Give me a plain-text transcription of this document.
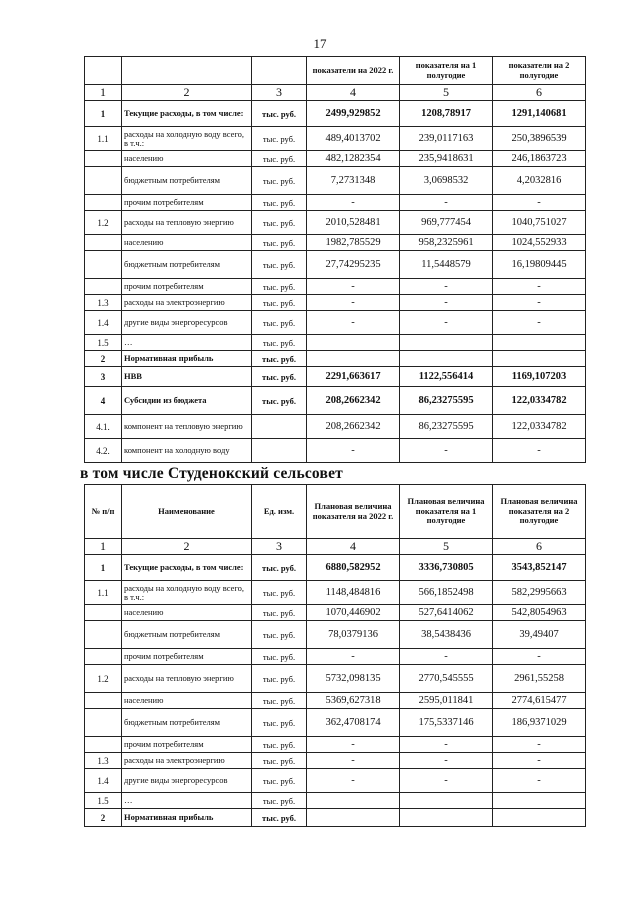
17
			показатели на 2022 г.	показателя на 1 полугодие	показатели на 2 полугодие
1	2	3	4	5	6
1	Текущие расходы, в том числе:	тыс. руб.	2499,929852	1208,78917	1291,140681
1.1	расходы на холодную воду всего, в т.ч.:	тыс. руб.	489,4013702	239,0117163	250,3896539
	населению	тыс. руб.	482,1282354	235,9418631	246,1863723
	бюджетным потребителям	тыс. руб.	7,2731348	3,0698532	4,2032816
	прочим потребителям	тыс. руб.	-	-	-
1.2	расходы на тепловую энергию	тыс. руб.	2010,528481	969,777454	1040,751027
	населению	тыс. руб.	1982,785529	958,2325961	1024,552933
	бюджетным потребителям	тыс. руб.	27,74295235	11,5448579	16,19809445
	прочим потребителям	тыс. руб.	-	-	-
1.3	расходы на электроэнергию	тыс. руб.	-	-	-
1.4	другие виды энергоресурсов	тыс. руб.	-	-	-
1.5	…	тыс. руб.			
2	Нормативная прибыль	тыс. руб.			
3	НВВ	тыс. руб.	2291,663617	1122,556414	1169,107203
4	Субсидии из бюджета	тыс. руб.	208,2662342	86,23275595	122,0334782
4.1.	компонент на тепловую энергию		208,2662342	86,23275595	122,0334782
4.2.	компонент на холодную воду		-	-	-
в том числе Студенокский сельсовет
№ п/п	Наименование	Ед. изм.	Плановая величина показателя на 2022 г.	Плановая величина показателя на 1 полугодие	Плановая величина показателя на 2 полугодие
1	2	3	4	5	6
1	Текущие расходы, в том числе:	тыс. руб.	6880,582952	3336,730805	3543,852147
1.1	расходы на холодную воду всего, в т.ч.:	тыс. руб.	1148,484816	566,1852498	582,2995663
	населению	тыс. руб.	1070,446902	527,6414062	542,8054963
	бюджетным потребителям	тыс. руб.	78,0379136	38,5438436	39,49407
	прочим потребителям	тыс. руб.	-	-	-
1.2	расходы на тепловую энергию	тыс. руб.	5732,098135	2770,545555	2961,55258
	населению	тыс. руб.	5369,627318	2595,011841	2774,615477
	бюджетным потребителям	тыс. руб.	362,4708174	175,5337146	186,9371029
	прочим потребителям	тыс. руб.	-	-	-
1.3	расходы на электроэнергию	тыс. руб.	-	-	-
1.4	другие виды энергоресурсов	тыс. руб.	-	-	-
1.5	…	тыс. руб.			
2	Нормативная прибыль	тыс. руб.			
